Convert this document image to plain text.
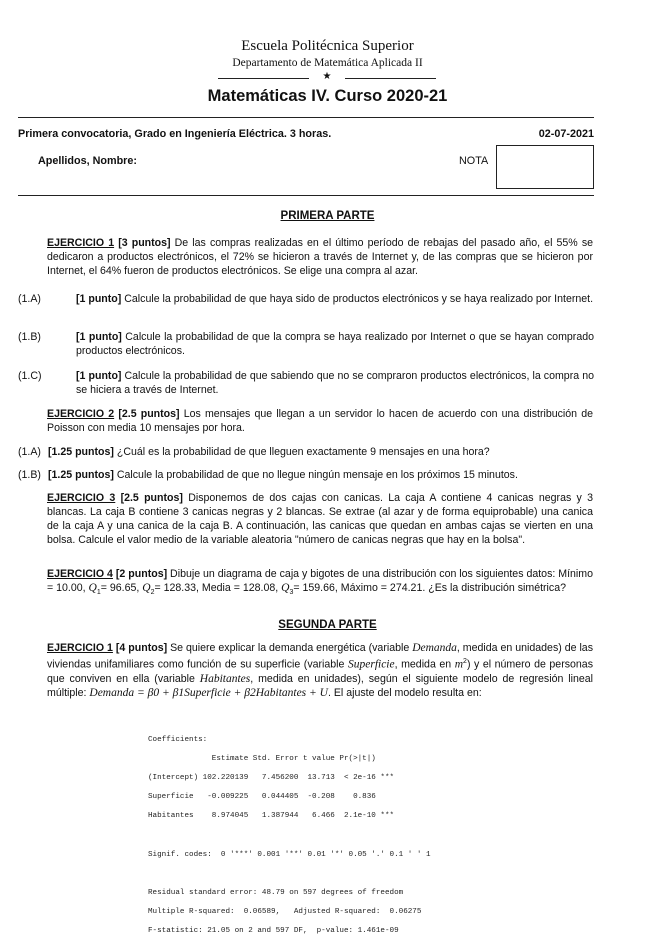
Escuela Politécnica Superior
Departamento de Matemática Aplicada II
★
Matemáticas IV. Curso 2020-21
Primera convocatoria, Grado en Ingeniería Eléctrica. 3 horas.	02-07-2021
Apellidos, Nombre:	NOTA
PRIMERA PARTE
EJERCICIO 1 [3 puntos] De las compras realizadas en el último período de rebajas del pasado año, el 55% se dedicaron a productos electrónicos, el 72% se hicieron a través de Internet y, de las compras que se hicieron por Internet, el 64% fueron de productos electrónicos. Se elige una compra al azar.
(1.A)	[1 punto] Calcule la probabilidad de que haya sido de productos electrónicos y se haya realizado por Internet.
(1.B)	[1 punto] Calcule la probabilidad de que la compra se haya realizado por Internet o que se hayan comprado productos electrónicos.
(1.C)	[1 punto] Calcule la probabilidad de que sabiendo que no se compraron productos electrónicos, la compra no se hiciera a través de Internet.
EJERCICIO 2 [2.5 puntos] Los mensajes que llegan a un servidor lo hacen de acuerdo con una distribución de Poisson con media 10 mensajes por hora.
(1.A) [1.25 puntos] ¿Cuál es la probabilidad de que lleguen exactamente 9 mensajes en una hora?
(1.B) [1.25 puntos] Calcule la probabilidad de que no llegue ningún mensaje en los próximos 15 minutos.
EJERCICIO 3 [2.5 puntos] Disponemos de dos cajas con canicas. La caja A contiene 4 canicas negras y 3 blancas. La caja B contiene 3 canicas negras y 2 blancas. Se extrae (al azar y de forma equiprobable) una canica de la caja A y una canica de la caja B. A continuación, las canicas que quedan en ambas cajas se vierten en una bolsa. Calcule el valor medio de la variable aleatoria "número de canicas negras que hay en la bolsa".
EJERCICIO 4 [2 puntos] Dibuje un diagrama de caja y bigotes de una distribución con los siguientes datos: Mínimo = 10.00, $Q_1= 96.65$, $Q_2= 128.33$, Media = 128.08, $Q_3= 159.66$, Máximo = 274.21. ¿Es la distribución simétrica?
SEGUNDA PARTE
EJERCICIO 1 [4 puntos] Se quiere explicar la demanda energética (variable Demanda, medida en unidades) de las viviendas unifamiliares como función de su superficie (variable Superficie, medida en $m^2$) y el número de personas que conviven en ella (variable Habitantes, medida en unidades), según el siguiente modelo de regresión lineal múltiple: Demanda = β0 + β1Superficie + β2Habitantes + U. El ajuste del modelo resulta en:

Coefficients:

Estimate Std. Error t value Pr(>|t|)

(Intercept) 102.220139   7.456200  13.713  < 2e-16 ***

Superficie   -0.009225   0.044405  -0.208    0.836

Habitantes    8.974045   1.387944   6.466  2.1e-10 ***

Signif. codes:  0 '***' 0.001 '**' 0.01 '*' 0.05 '.' 0.1 ' ' 1

Residual standard error: 48.79 on 597 degrees of freedom

Multiple R-squared:  0.06589,   Adjusted R-squared:  0.06275

F-statistic: 21.05 on 2 and 597 DF,  p-value: 1.461e-09
